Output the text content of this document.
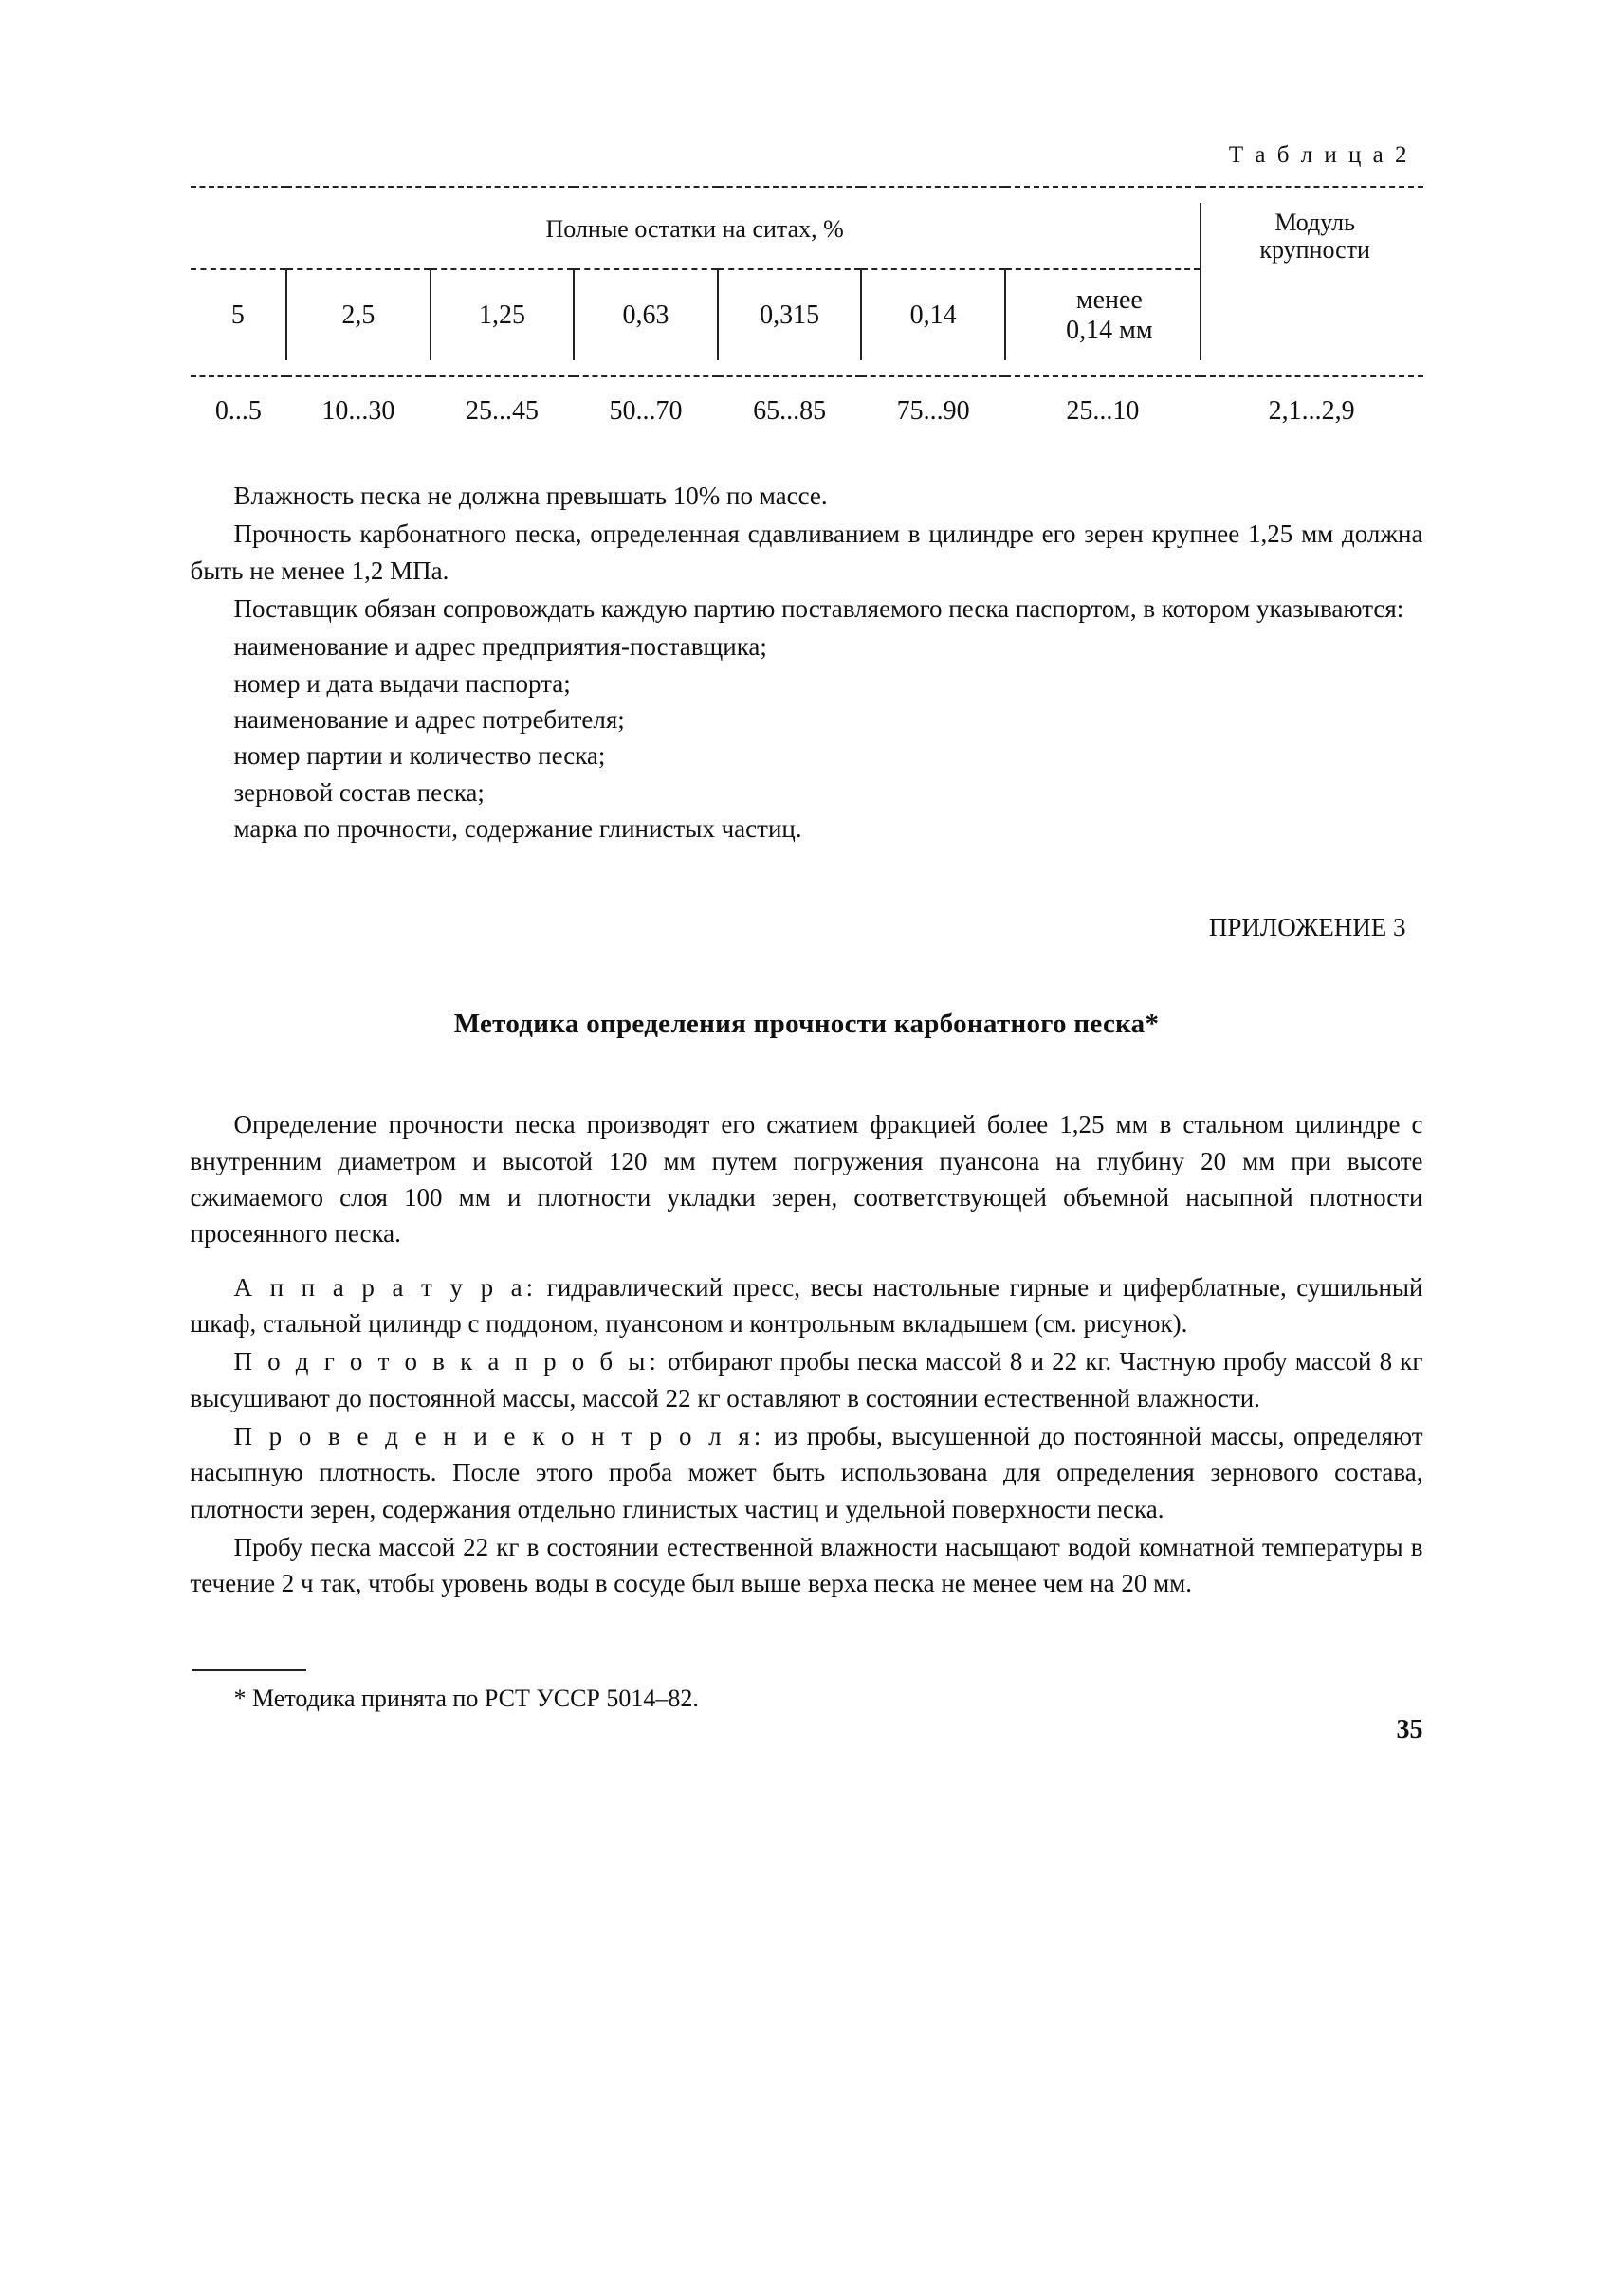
Т а б л и ц а 2

Полные остатки на ситах, %							Модуль
крупности

5	2,5	1,25	0,63	0,315	0,14	менее
0,14 мм	

0...5	10...30	25...45	50...70	65...85	75...90	25...10	2,1...2,9

Влажность песка не должна превышать 10% по массе.

Прочность карбонатного песка, определенная сдавливанием в цилиндре его зерен крупнее 1,25 мм должна быть не менее 1,2 МПа.

Поставщик обязан сопровождать каждую партию поставляемого песка паспортом, в котором указываются:

наименование и адрес предприятия-поставщика;

номер и дата выдачи паспорта;

наименование и адрес потребителя;

номер партии и количество песка;

зерновой состав песка;

марка по прочности, содержание глинистых частиц.

ПРИЛОЖЕНИЕ 3

Методика определения прочности карбонатного песка*

Определение прочности песка производят его сжатием фракцией более 1,25 мм в стальном цилиндре с внутренним диаметром и высотой 120 мм путем погружения пуансона на глубину 20 мм при высоте сжимаемого слоя 100 мм и плотности укладки зерен, соответствующей объемной насыпной плотности просеянного песка.

А п п а р а т у р а: гидравлический пресс, весы настольные гирные и циферблатные, сушильный шкаф, стальной цилиндр с поддоном, пуансоном и контрольным вкладышем (см. рисунок).

П о д г о т о в к а п р о б ы: отбирают пробы песка массой 8 и 22 кг. Частную пробу массой 8 кг высушивают до постоянной массы, массой 22 кг оставляют в состоянии естественной влажности.

П р о в е д е н и е к о н т р о л я: из пробы, высушенной до постоянной массы, определяют насыпную плотность. После этого проба может быть использована для определения зернового состава, плотности зерен, содержания отдельно глинистых частиц и удельной поверхности песка.

Пробу песка массой 22 кг в состоянии естественной влажности насыщают водой комнатной температуры в течение 2 ч так, чтобы уровень воды в сосуде был выше верха песка не менее чем на 20 мм.

* Методика принята по РСТ УССР 5014–82.

35
